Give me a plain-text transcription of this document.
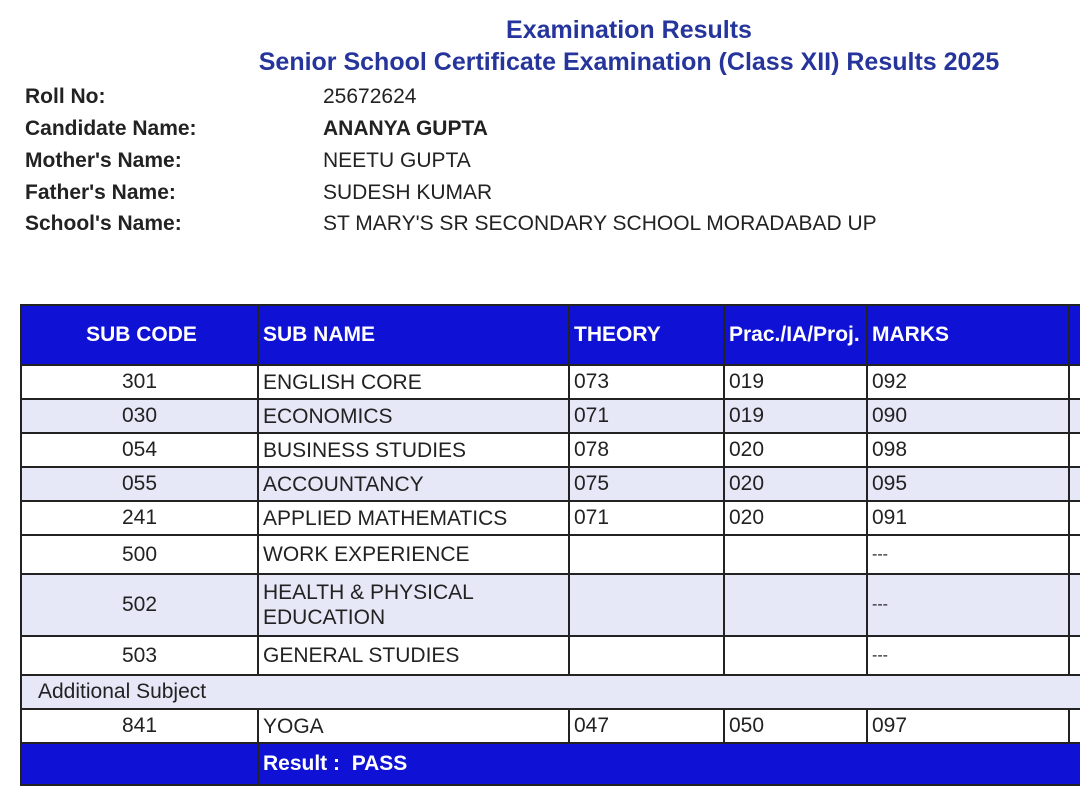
Examination Results
Senior School Certificate Examination (Class XII) Results 2025
Roll No:	25672624
Candidate Name:	ANANYA GUPTA
Mother's Name:	NEETU GUPTA
Father's Name:	SUDESH KUMAR
School's Name:	ST MARY'S SR SECONDARY SCHOOL MORADABAD UP
SUB CODE	SUB NAME	THEORY	Prac./IA/Proj.	MARKS	
301	ENGLISH CORE	073	019	092	
030	ECONOMICS	071	019	090	
054	BUSINESS STUDIES	078	020	098	
055	ACCOUNTANCY	075	020	095	
241	APPLIED MATHEMATICS	071	020	091	
500	WORK EXPERIENCE			---	
502	HEALTH & PHYSICAL EDUCATION			---	
503	GENERAL STUDIES			---	
Additional Subject					
841	YOGA	047	050	097	
	Result : PASS				
